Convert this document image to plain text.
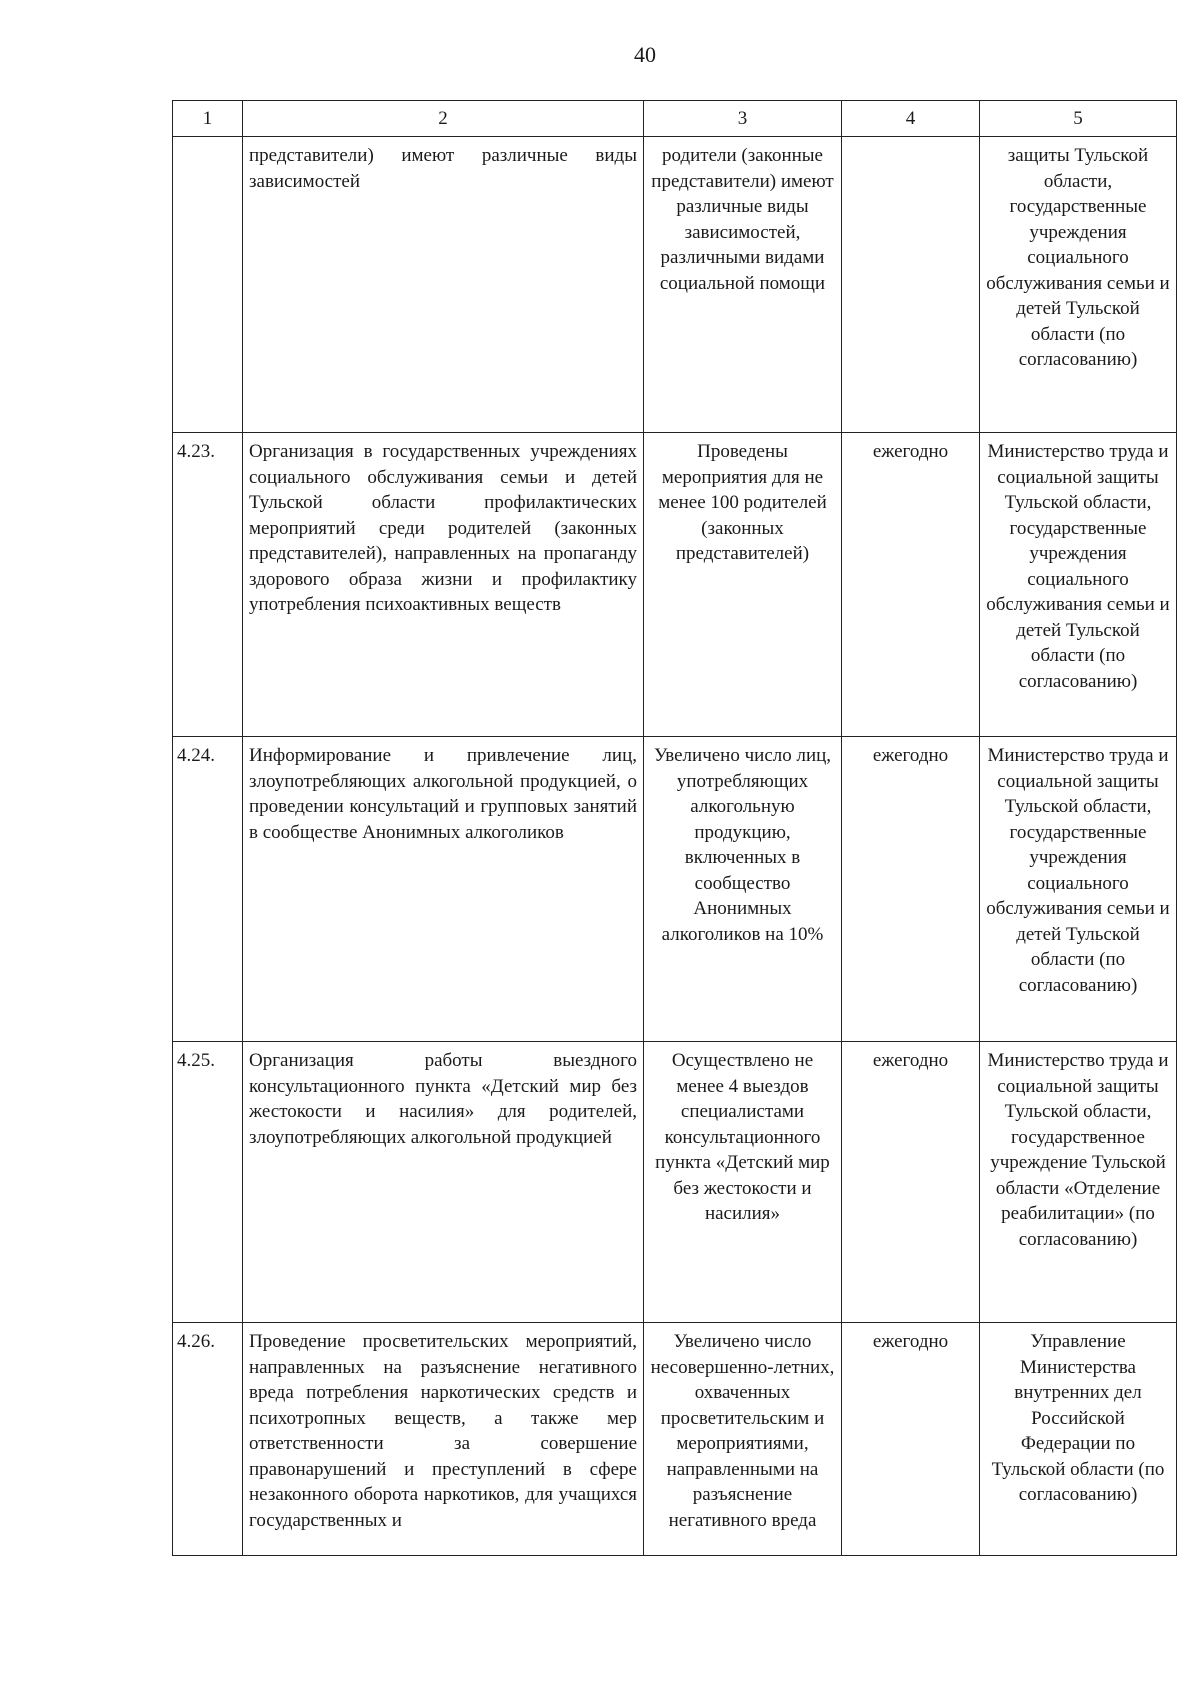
40
1	2	3	4	5
	представители) имеют различные виды зависимостей	родители (законные представители) имеют различные виды зависимостей, различными видами социальной помощи		защиты Тульской области, государственные учреждения социального обслуживания семьи и детей Тульской области (по согласованию)
4.23.	Организация в государственных учреждениях социального обслуживания семьи и детей Тульской области профилактических мероприятий среди родителей (законных представителей), направленных на пропаганду здорового образа жизни и профилактику употребления психоактивных веществ	Проведены мероприятия для не менее 100 родителей (законных представителей)	ежегодно	Министерство труда и социальной защиты Тульской области, государственные учреждения социального обслуживания семьи и детей Тульской области (по согласованию)
4.24.	Информирование и привлечение лиц, злоупотребляющих алкогольной продукцией, о проведении консультаций и групповых занятий в сообществе Анонимных алкоголиков	Увеличено число лиц, употребляющих алкогольную продукцию, включенных в сообщество Анонимных алкоголиков на 10%	ежегодно	Министерство труда и социальной защиты Тульской области, государственные учреждения социального обслуживания семьи и детей Тульской области (по согласованию)
4.25.	Организация работы выездного консультационного пункта «Детский мир без жестокости и насилия» для родителей, злоупотребляющих алкогольной продукцией	Осуществлено не менее 4 выездов специалистами консультационного пункта «Детский мир без жестокости и насилия»	ежегодно	Министерство труда и социальной защиты Тульской области, государственное учреждение Тульской области «Отделение реабилитации» (по согласованию)
4.26.	Проведение просветительских мероприятий, направленных на разъяснение негативного вреда потребления наркотических средств и психотропных веществ, а также мер ответственности за совершение правонарушений и преступлений в сфере незаконного оборота наркотиков, для учащихся государственных и	Увеличено число несовершенно-летних, охваченных просветительским и мероприятиями, направленными на разъяснение негативного вреда	ежегодно	Управление Министерства внутренних дел Российской Федерации по Тульской области (по согласованию)
